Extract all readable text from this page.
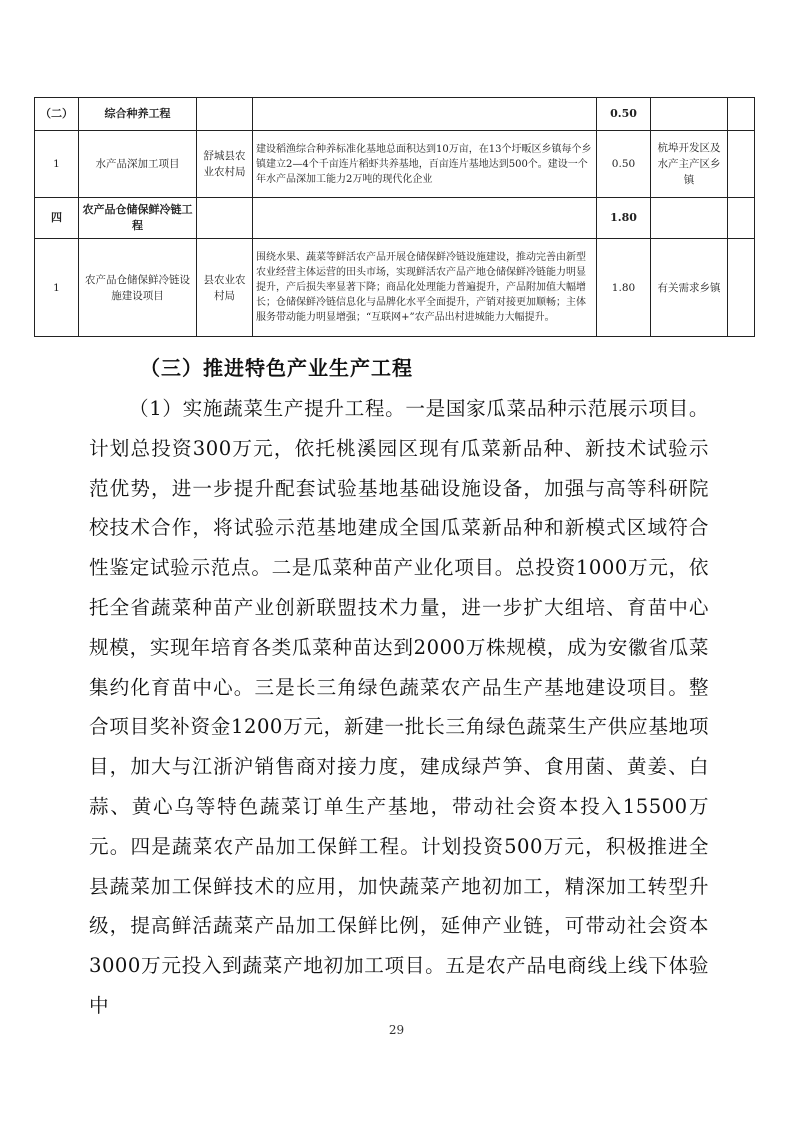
（二）	综合种养工程			0.50		
1	水产品深加工项目	舒城县农业农村局	建设稻渔综合种养标准化基地总面积达到10万亩，在13个圩畈区乡镇每个乡镇建立2—4个千亩连片稻虾共养基地，百亩连片基地达到500个。建设一个年水产品深加工能力2万吨的现代化企业	0.50	杭埠开发区及水产主产区乡镇	
四	农产品仓储保鲜冷链工程			1.80		
1	农产品仓储保鲜冷链设施建设项目	县农业农村局	围绕水果、蔬菜等鲜活农产品开展仓储保鲜冷链设施建设，推动完善由新型农业经营主体运营的田头市场，实现鲜活农产品产地仓储保鲜冷链能力明显提升，产后损失率显著下降；商品化处理能力普遍提升，产品附加值大幅增长；仓储保鲜冷链信息化与品牌化水平全面提升，产销对接更加顺畅；主体服务带动能力明显增强；“互联网+”农产品出村进城能力大幅提升。	1.80	有关需求乡镇	
（三）推进特色产业生产工程

（1）实施蔬菜生产提升工程。一是国家瓜菜品种示范展示项目。计划总投资300万元，依托桃溪园区现有瓜菜新品种、新技术试验示范优势，进一步提升配套试验基地基础设施设备，加强与高等科研院校技术合作，将试验示范基地建成全国瓜菜新品种和新模式区域符合性鉴定试验示范点。二是瓜菜种苗产业化项目。总投资1000万元，依托全省蔬菜种苗产业创新联盟技术力量，进一步扩大组培、育苗中心规模，实现年培育各类瓜菜种苗达到2000万株规模，成为安徽省瓜菜集约化育苗中心。三是长三角绿色蔬菜农产品生产基地建设项目。整合项目奖补资金1200万元，新建一批长三角绿色蔬菜生产供应基地项目，加大与江浙沪销售商对接力度，建成绿芦笋、食用菌、黄姜、白蒜、黄心乌等特色蔬菜订单生产基地，带动社会资本投入15500万元。四是蔬菜农产品加工保鲜工程。计划投资500万元，积极推进全县蔬菜加工保鲜技术的应用，加快蔬菜产地初加工，精深加工转型升级，提高鲜活蔬菜产品加工保鲜比例，延伸产业链，可带动社会资本3000万元投入到蔬菜产地初加工项目。五是农产品电商线上线下体验中

29
